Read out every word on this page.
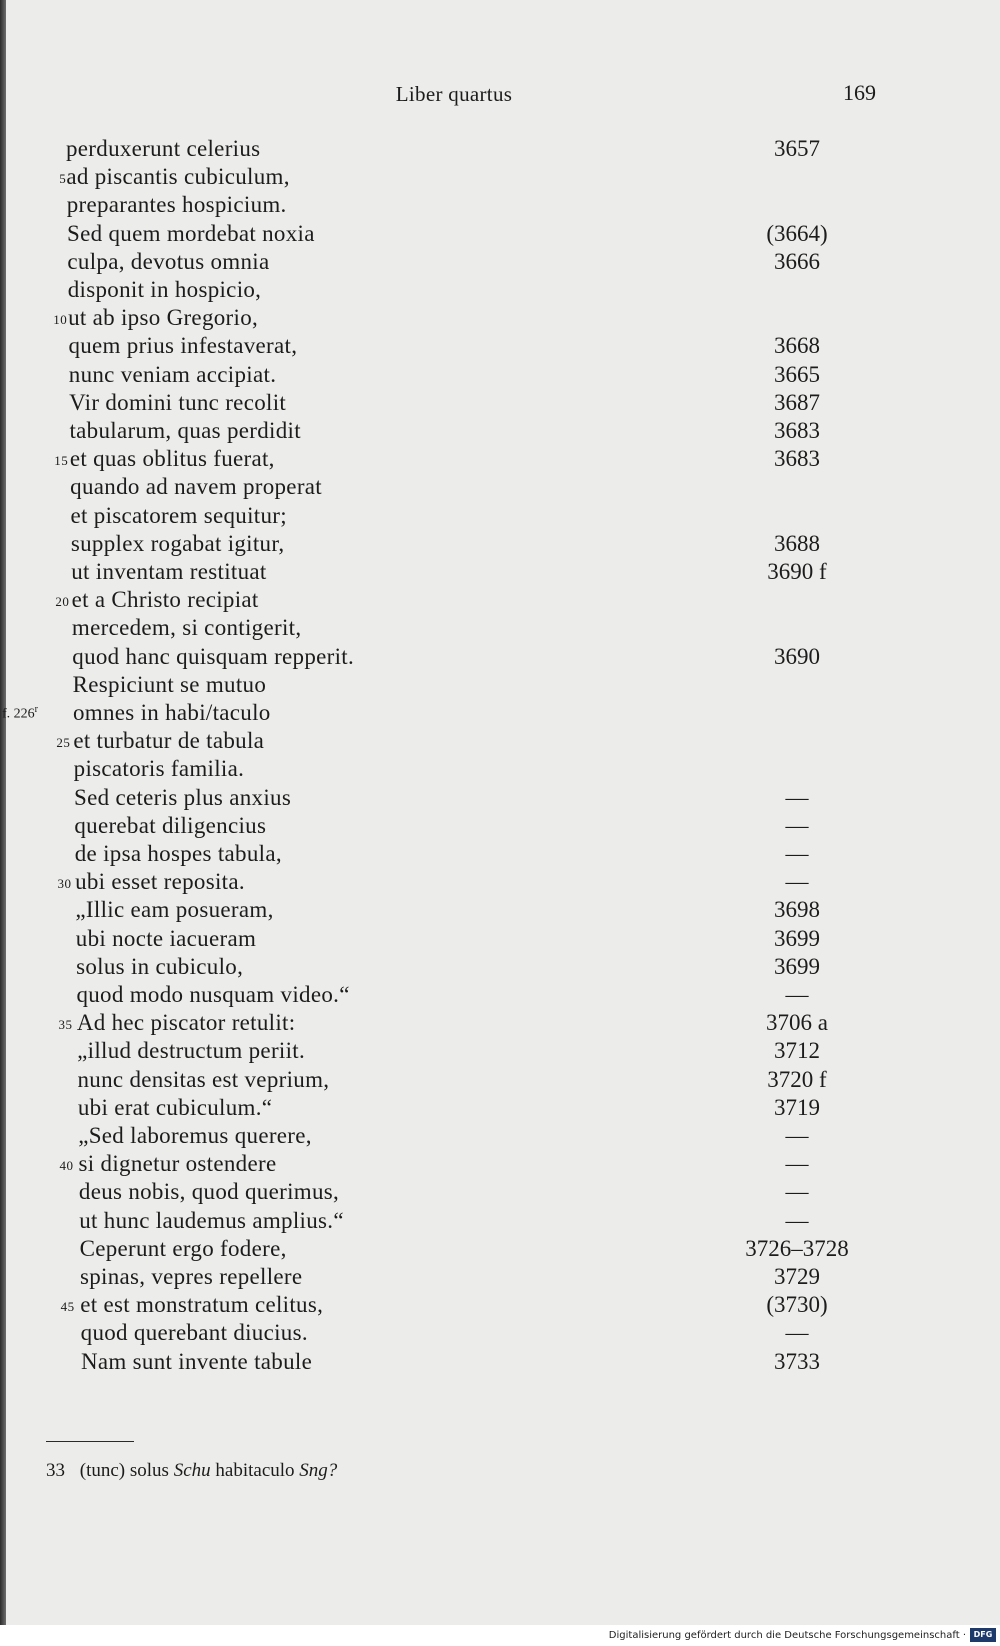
Liber quartus	169
perduxerunt celerius	3657
5 ad piscantis cubiculum,
preparantes hospicium.
Sed quem mordebat noxia	(3664)
culpa, devotus omnia	3666
disponit in hospicio,
10 ut ab ipso Gregorio,
quem prius infestaverat,	3668
nunc veniam accipiat.	3665
Vir domini tunc recolit	3687
tabularum, quas perdidit	3683
15 et quas oblitus fuerat,	3683
quando ad navem properat
et piscatorem sequitur;
supplex rogabat igitur,	3688
ut inventam restituat	3690 f
20 et a Christo recipiat
mercedem, si contigerit,
quod hanc quisquam repperit.	3690
Respiciunt se mutuo
f. 226$^r$ omnes in habi/taculo
25 et turbatur de tabula
piscatoris familia.
Sed ceteris plus anxius	—
querebat diligencius	—
de ipsa hospes tabula,	—
30 ubi esset reposita.	—
„Illic eam posueram,	3698
ubi nocte iacueram	3699
solus in cubiculo,	3699
quod modo nusquam video.“	—
35 Ad hec piscator retulit:	3706 a
„illud destructum periit.	3712
nunc densitas est veprium,	3720 f
ubi erat cubiculum.“	3719
„Sed laboremus querere,	—
40 si dignetur ostendere	—
deus nobis, quod querimus,	—
ut hunc laudemus amplius.“	—
Ceperunt ergo fodere,	3726–3728
spinas, vepres repellere	3729
45 et est monstratum celitus,	(3730)
quod querebant diucius.	—
Nam sunt invente tabule	3733
33 (tunc) solus Schu habitaculo Sng?
Digitalisierung gefördert durch die Deutsche Forschungsgemeinschaft · DFG
